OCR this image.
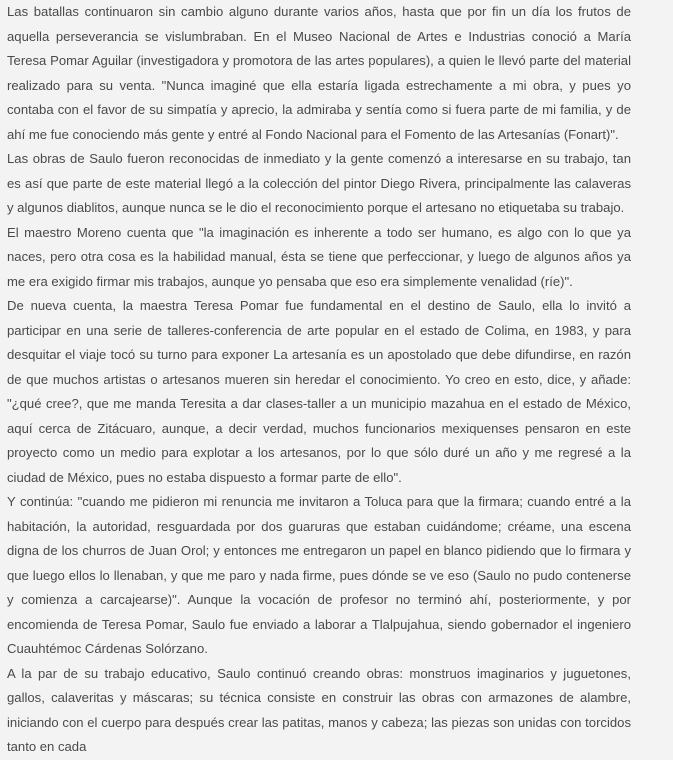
Las batallas continuaron sin cambio alguno durante varios años, hasta que por fin un día los frutos de aquella perseverancia se vislumbraban. En el Museo Nacional de Artes e Industrias conoció a María Teresa Pomar Aguilar (investigadora y promotora de las artes populares), a quien le llevó parte del material realizado para su venta. "Nunca imaginé que ella estaría ligada estrechamente a mi obra, y pues yo contaba con el favor de su simpatía y aprecio, la admiraba y sentía como si fuera parte de mi familia, y de ahí me fue conociendo más gente y entré al Fondo Nacional para el Fomento de las Artesanías (Fonart)".

Las obras de Saulo fueron reconocidas de inmediato y la gente comenzó a interesarse en su trabajo, tan es así que parte de este material llegó a la colección del pintor Diego Rivera, principalmente las calaveras y algunos diablitos, aunque nunca se le dio el reconocimiento porque el artesano no etiquetaba su trabajo.

El maestro Moreno cuenta que "la imaginación es inherente a todo ser humano, es algo con lo que ya naces, pero otra cosa es la habilidad manual, ésta se tiene que perfeccionar, y luego de algunos años ya me era exigido firmar mis trabajos, aunque yo pensaba que eso era simplemente venalidad (ríe)".

De nueva cuenta, la maestra Teresa Pomar fue fundamental en el destino de Saulo, ella lo invitó a participar en una serie de talleres-conferencia de arte popular en el estado de Colima, en 1983, y para desquitar el viaje tocó su turno para exponer La artesanía es un apostolado que debe difundirse, en razón de que muchos artistas o artesanos mueren sin heredar el conocimiento. Yo creo en esto, dice, y añade: "¿qué cree?, que me manda Teresita a dar clases-taller a un municipio mazahua en el estado de México, aquí cerca de Zitácuaro, aunque, a decir verdad, muchos funcionarios mexiquenses pensaron en este proyecto como un medio para explotar a los artesanos, por lo que sólo duré un año y me regresé a la ciudad de México, pues no estaba dispuesto a formar parte de ello".

Y continúa: "cuando me pidieron mi renuncia me invitaron a Toluca para que la firmara; cuando entré a la habitación, la autoridad, resguardada por dos guaruras que estaban cuidándome; créame, una escena digna de los churros de Juan Orol; y entonces me entregaron un papel en blanco pidiendo que lo firmara y que luego ellos lo llenaban, y que me paro y nada firme, pues dónde se ve eso (Saulo no pudo contenerse y comienza a carcajearse)". Aunque la vocación de profesor no terminó ahí, posteriormente, y por encomienda de Teresa Pomar, Saulo fue enviado a laborar a Tlalpujahua, siendo gobernador el ingeniero Cuauhtémoc Cárdenas Solórzano.

A la par de su trabajo educativo, Saulo continuó creando obras: monstruos imaginarios y juguetones, gallos, calaveritas y máscaras; su técnica consiste en construir las obras con armazones de alambre, iniciando con el cuerpo para después crear las patitas, manos y cabeza; las piezas son unidas con torcidos tanto en cada
